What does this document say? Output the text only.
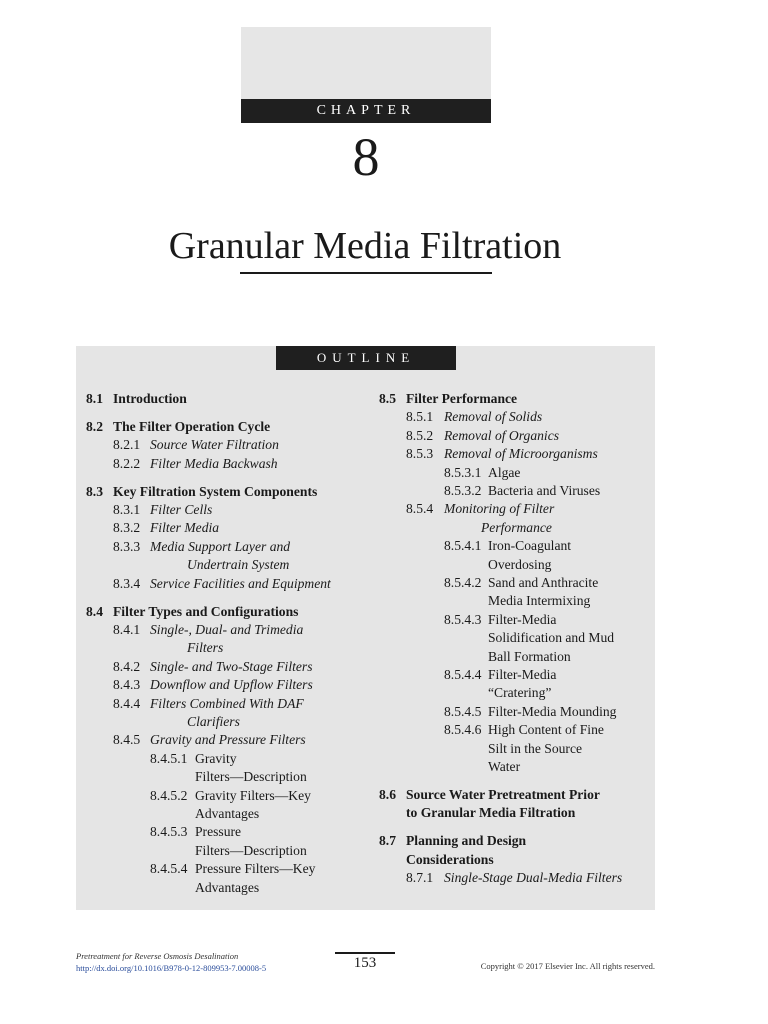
CHAPTER
8
Granular Media Filtration
OUTLINE
8.1 Introduction
8.2 The Filter Operation Cycle
8.2.1 Source Water Filtration
8.2.2 Filter Media Backwash
8.3 Key Filtration System Components
8.3.1 Filter Cells
8.3.2 Filter Media
8.3.3 Media Support Layer and
Undertrain System
8.3.4 Service Facilities and Equipment
8.4 Filter Types and Configurations
8.4.1 Single-, Dual- and Trimedia
Filters
8.4.2 Single- and Two-Stage Filters
8.4.3 Downflow and Upflow Filters
8.4.4 Filters Combined With DAF
Clarifiers
8.4.5 Gravity and Pressure Filters
8.4.5.1 Gravity
Filters—Description
8.4.5.2 Gravity Filters—Key
Advantages
8.4.5.3 Pressure
Filters—Description
8.4.5.4 Pressure Filters—Key
Advantages
8.5 Filter Performance
8.5.1 Removal of Solids
8.5.2 Removal of Organics
8.5.3 Removal of Microorganisms
8.5.3.1 Algae
8.5.3.2 Bacteria and Viruses
8.5.4 Monitoring of Filter
Performance
8.5.4.1 Iron-Coagulant
Overdosing
8.5.4.2 Sand and Anthracite
Media Intermixing
8.5.4.3 Filter-Media
Solidification and Mud
Ball Formation
8.5.4.4 Filter-Media
“Cratering”
8.5.4.5 Filter-Media Mounding
8.5.4.6 High Content of Fine
Silt in the Source
Water
8.6 Source Water Pretreatment Prior
to Granular Media Filtration
8.7 Planning and Design
Considerations
8.7.1 Single-Stage Dual-Media Filters
Pretreatment for Reverse Osmosis Desalination
http://dx.doi.org/10.1016/B978-0-12-809953-7.00008-5	153	Copyright © 2017 Elsevier Inc. All rights reserved.
